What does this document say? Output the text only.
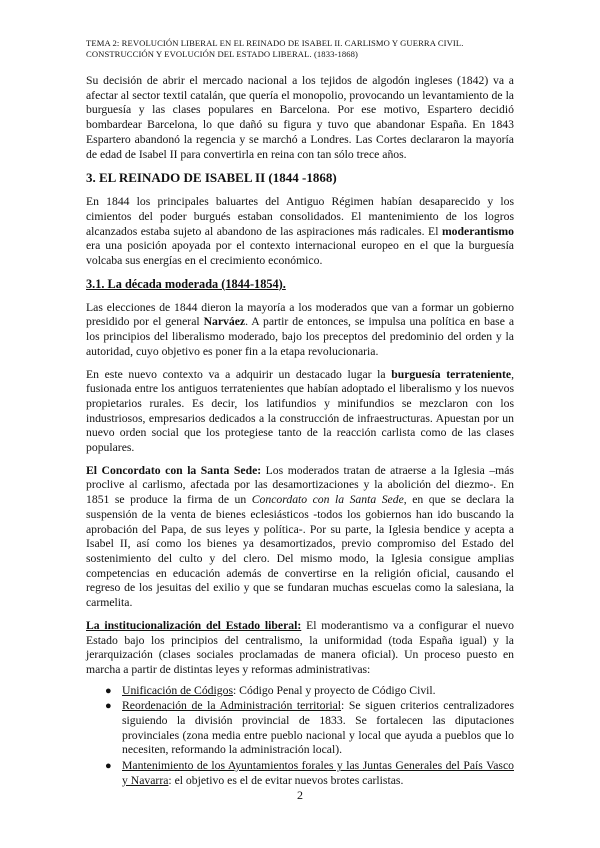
TEMA 2: REVOLUCIÓN LIBERAL EN EL REINADO DE ISABEL II. CARLISMO Y GUERRA CIVIL.
CONSTRUCCIÓN Y EVOLUCIÓN DEL ESTADO LIBERAL. (1833-1868)

Su decisión de abrir el mercado nacional a los tejidos de algodón ingleses (1842) va a afectar al sector textil catalán, que quería el monopolio, provocando un levantamiento de la burguesía y las clases populares en Barcelona. Por ese motivo, Espartero decidió bombardear Barcelona, lo que dañó su figura y tuvo que abandonar España. En 1843 Espartero abandonó la regencia y se marchó a Londres. Las Cortes declararon la mayoría de edad de Isabel II para convertirla en reina con tan sólo trece años.

3. EL REINADO DE ISABEL II (1844 -1868)

En 1844 los principales baluartes del Antiguo Régimen habían desaparecido y los cimientos del poder burgués estaban consolidados. El mantenimiento de los logros alcanzados estaba sujeto al abandono de las aspiraciones más radicales. El moderantismo era una posición apoyada por el contexto internacional europeo en el que la burguesía volcaba sus energías en el crecimiento económico.

3.1. La década moderada (1844-1854).

Las elecciones de 1844 dieron la mayoría a los moderados que van a formar un gobierno presidido por el general Narváez. A partir de entonces, se impulsa una política en base a los principios del liberalismo moderado, bajo los preceptos del predominio del orden y la autoridad, cuyo objetivo es poner fin a la etapa revolucionaria.

En este nuevo contexto va a adquirir un destacado lugar la burguesía terrateniente, fusionada entre los antiguos terratenientes que habían adoptado el liberalismo y los nuevos propietarios rurales. Es decir, los latifundios y minifundios se mezclaron con los industriosos, empresarios dedicados a la construcción de infraestructuras. Apuestan por un nuevo orden social que los protegiese tanto de la reacción carlista como de las clases populares.

El Concordato con la Santa Sede: Los moderados tratan de atraerse a la Iglesia –más proclive al carlismo, afectada por las desamortizaciones y la abolición del diezmo-. En 1851 se produce la firma de un Concordato con la Santa Sede, en que se declara la suspensión de la venta de bienes eclesiásticos -todos los gobiernos han ido buscando la aprobación del Papa, de sus leyes y política-. Por su parte, la Iglesia bendice y acepta a Isabel II, así como los bienes ya desamortizados, previo compromiso del Estado del sostenimiento del culto y del clero. Del mismo modo, la Iglesia consigue amplias competencias en educación además de convertirse en la religión oficial, causando el regreso de los jesuitas del exilio y que se fundaran muchas escuelas como la salesiana, la carmelita.

La institucionalización del Estado liberal: El moderantismo va a configurar el nuevo Estado bajo los principios del centralismo, la uniformidad (toda España igual) y la jerarquización (clases sociales proclamadas de manera oficial). Un proceso puesto en marcha a partir de distintas leyes y reformas administrativas:

● Unificación de Códigos: Código Penal y proyecto de Código Civil.
● Reordenación de la Administración territorial: Se siguen criterios centralizadores siguiendo la división provincial de 1833. Se fortalecen las diputaciones provinciales (zona media entre pueblo nacional y local que ayuda a pueblos que lo necesiten, reformando la administración local).
● Mantenimiento de los Ayuntamientos forales y las Juntas Generales del País Vasco y Navarra: el objetivo es el de evitar nuevos brotes carlistas.
2
